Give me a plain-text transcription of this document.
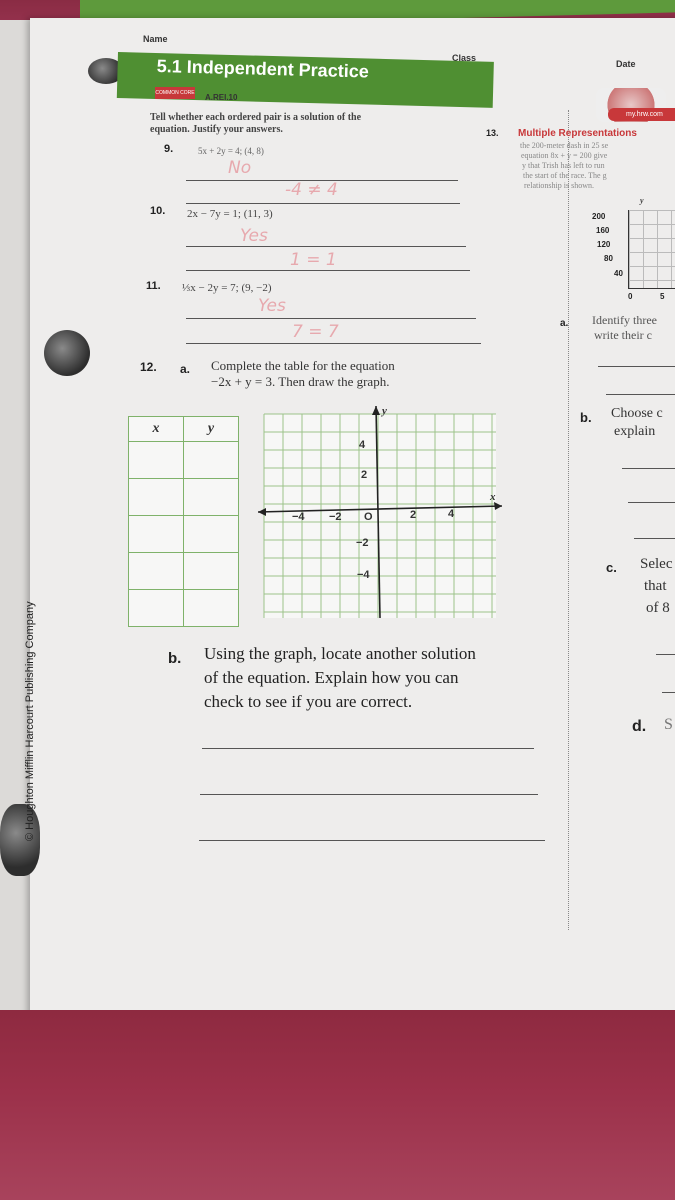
© Houghton Mifflin Harcourt Publishing Company
Name
Class
Date
5.1 Independent Practice
COMMON CORE A.REI.10
Tell whether each ordered pair is a solution of the
equation. Justify your answers.
9.	5x + 2y = 4; (4, 8)
No
-4 ≠ 4
10. 2x − 7y = 1; (11, 3)
Yes
1 = 1
11. ⅓x − 2y = 7; (9, −2)
Yes
7 = 7
12. a. Complete the table for the equation
−2x + y = 3. Then draw the graph.
x	y

y
x
−4 −2 O	2	4
4
2
−2
−4
b. Using the graph, locate another solution
of the equation. Explain how you can
check to see if you are correct.
my.hrw.com
13. Multiple Representations
the 200-meter dash in 25 se
equation 8x + y = 200 give
y that Trish has left to run
the start of the race. The g
relationship is shown.
y
200
160
120
80
40
0	5
a. Identify three
write their c
b. Choose c
explain
c. Selec
that
of 8
d. S
